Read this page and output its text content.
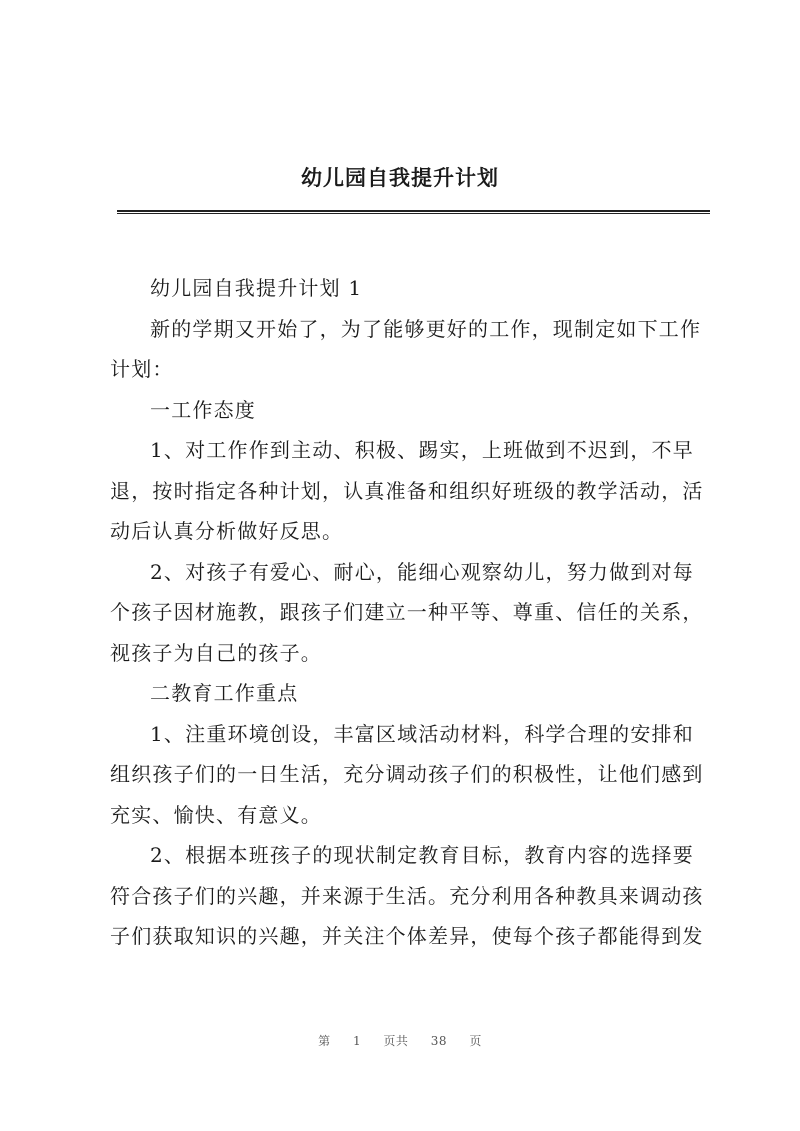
幼儿园自我提升计划

幼儿园自我提升计划 1

新的学期又开始了，为了能够更好的工作，现制定如下工作
计划：

一工作态度

1、对工作作到主动、积极、踢实，上班做到不迟到，不早
退，按时指定各种计划，认真准备和组织好班级的教学活动，活
动后认真分析做好反思。

2、对孩子有爱心、耐心，能细心观察幼儿，努力做到对每
个孩子因材施教，跟孩子们建立一种平等、尊重、信任的关系，
视孩子为自己的孩子。

二教育工作重点

1、注重环境创设，丰富区域活动材料，科学合理的安排和
组织孩子们的一日生活，充分调动孩子们的积极性，让他们感到
充实、愉快、有意义。

2、根据本班孩子的现状制定教育目标，教育内容的选择要
符合孩子们的兴趣，并来源于生活。充分利用各种教具来调动孩
子们获取知识的兴趣，并关注个体差异，使每个孩子都能得到发

第 1 页共 38 页
